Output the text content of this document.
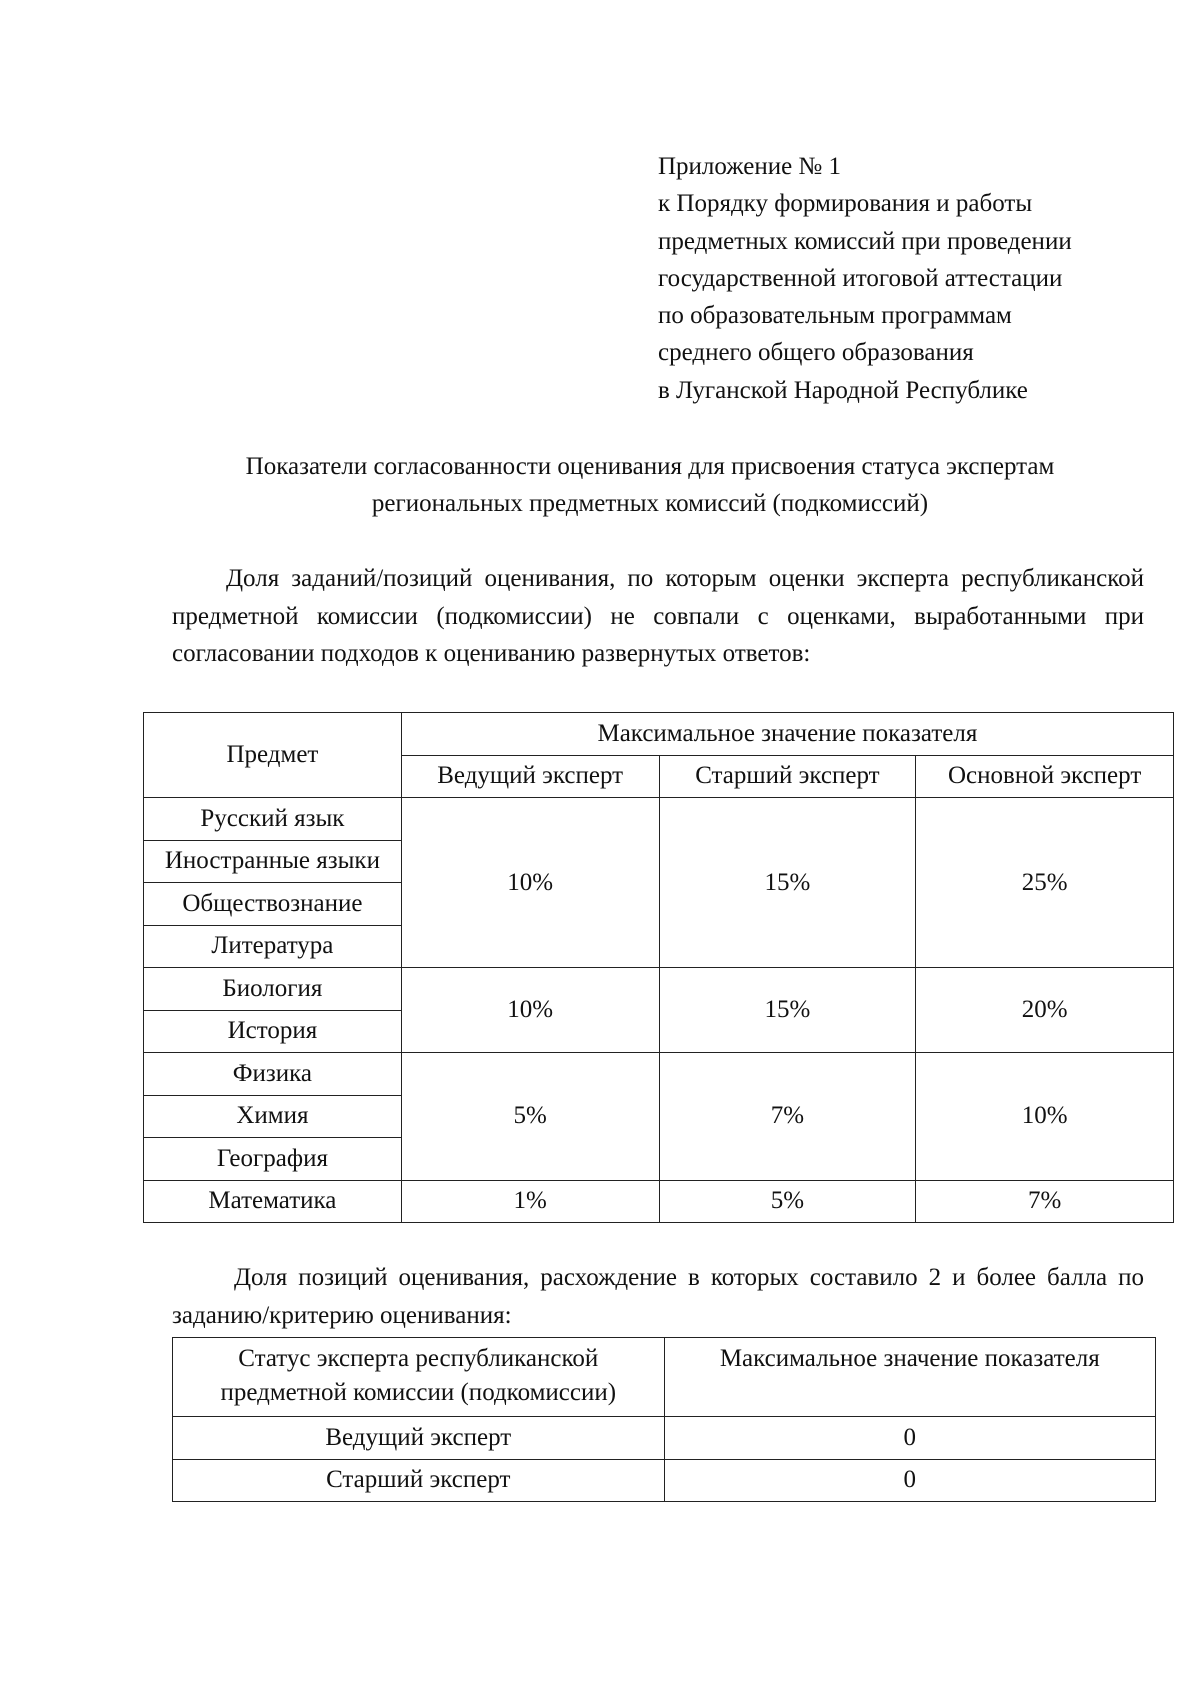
Приложение № 1
к Порядку формирования и работы
предметных комиссий при проведении
государственной итоговой аттестации
по образовательным программам
среднего общего образования
в Луганской Народной Республике
Показатели согласованности оценивания для присвоения статуса экспертам
региональных предметных комиссий (подкомиссий)
Доля заданий/позиций оценивания, по которым оценки эксперта республиканской предметной комиссии (подкомиссии) не совпали с оценками, выработанными при согласовании подходов к оцениванию развернутых ответов:
Предмет	Максимальное значение показателя		
	Ведущий эксперт	Старший эксперт	Основной эксперт
Русский язык	10%	15%	25%
Иностранные языки			
Обществознание			
Литература			
Биология	10%	15%	20%
История			
Физика	5%	7%	10%
Химия			
География			
Математика	1%	5%	7%
Доля позиций оценивания, расхождение в которых составило 2 и более балла по заданию/критерию оценивания:
Статус эксперта республиканской
предметной комиссии (подкомиссии)	Максимальное значение показателя
Ведущий эксперт	0
Старший эксперт	0
